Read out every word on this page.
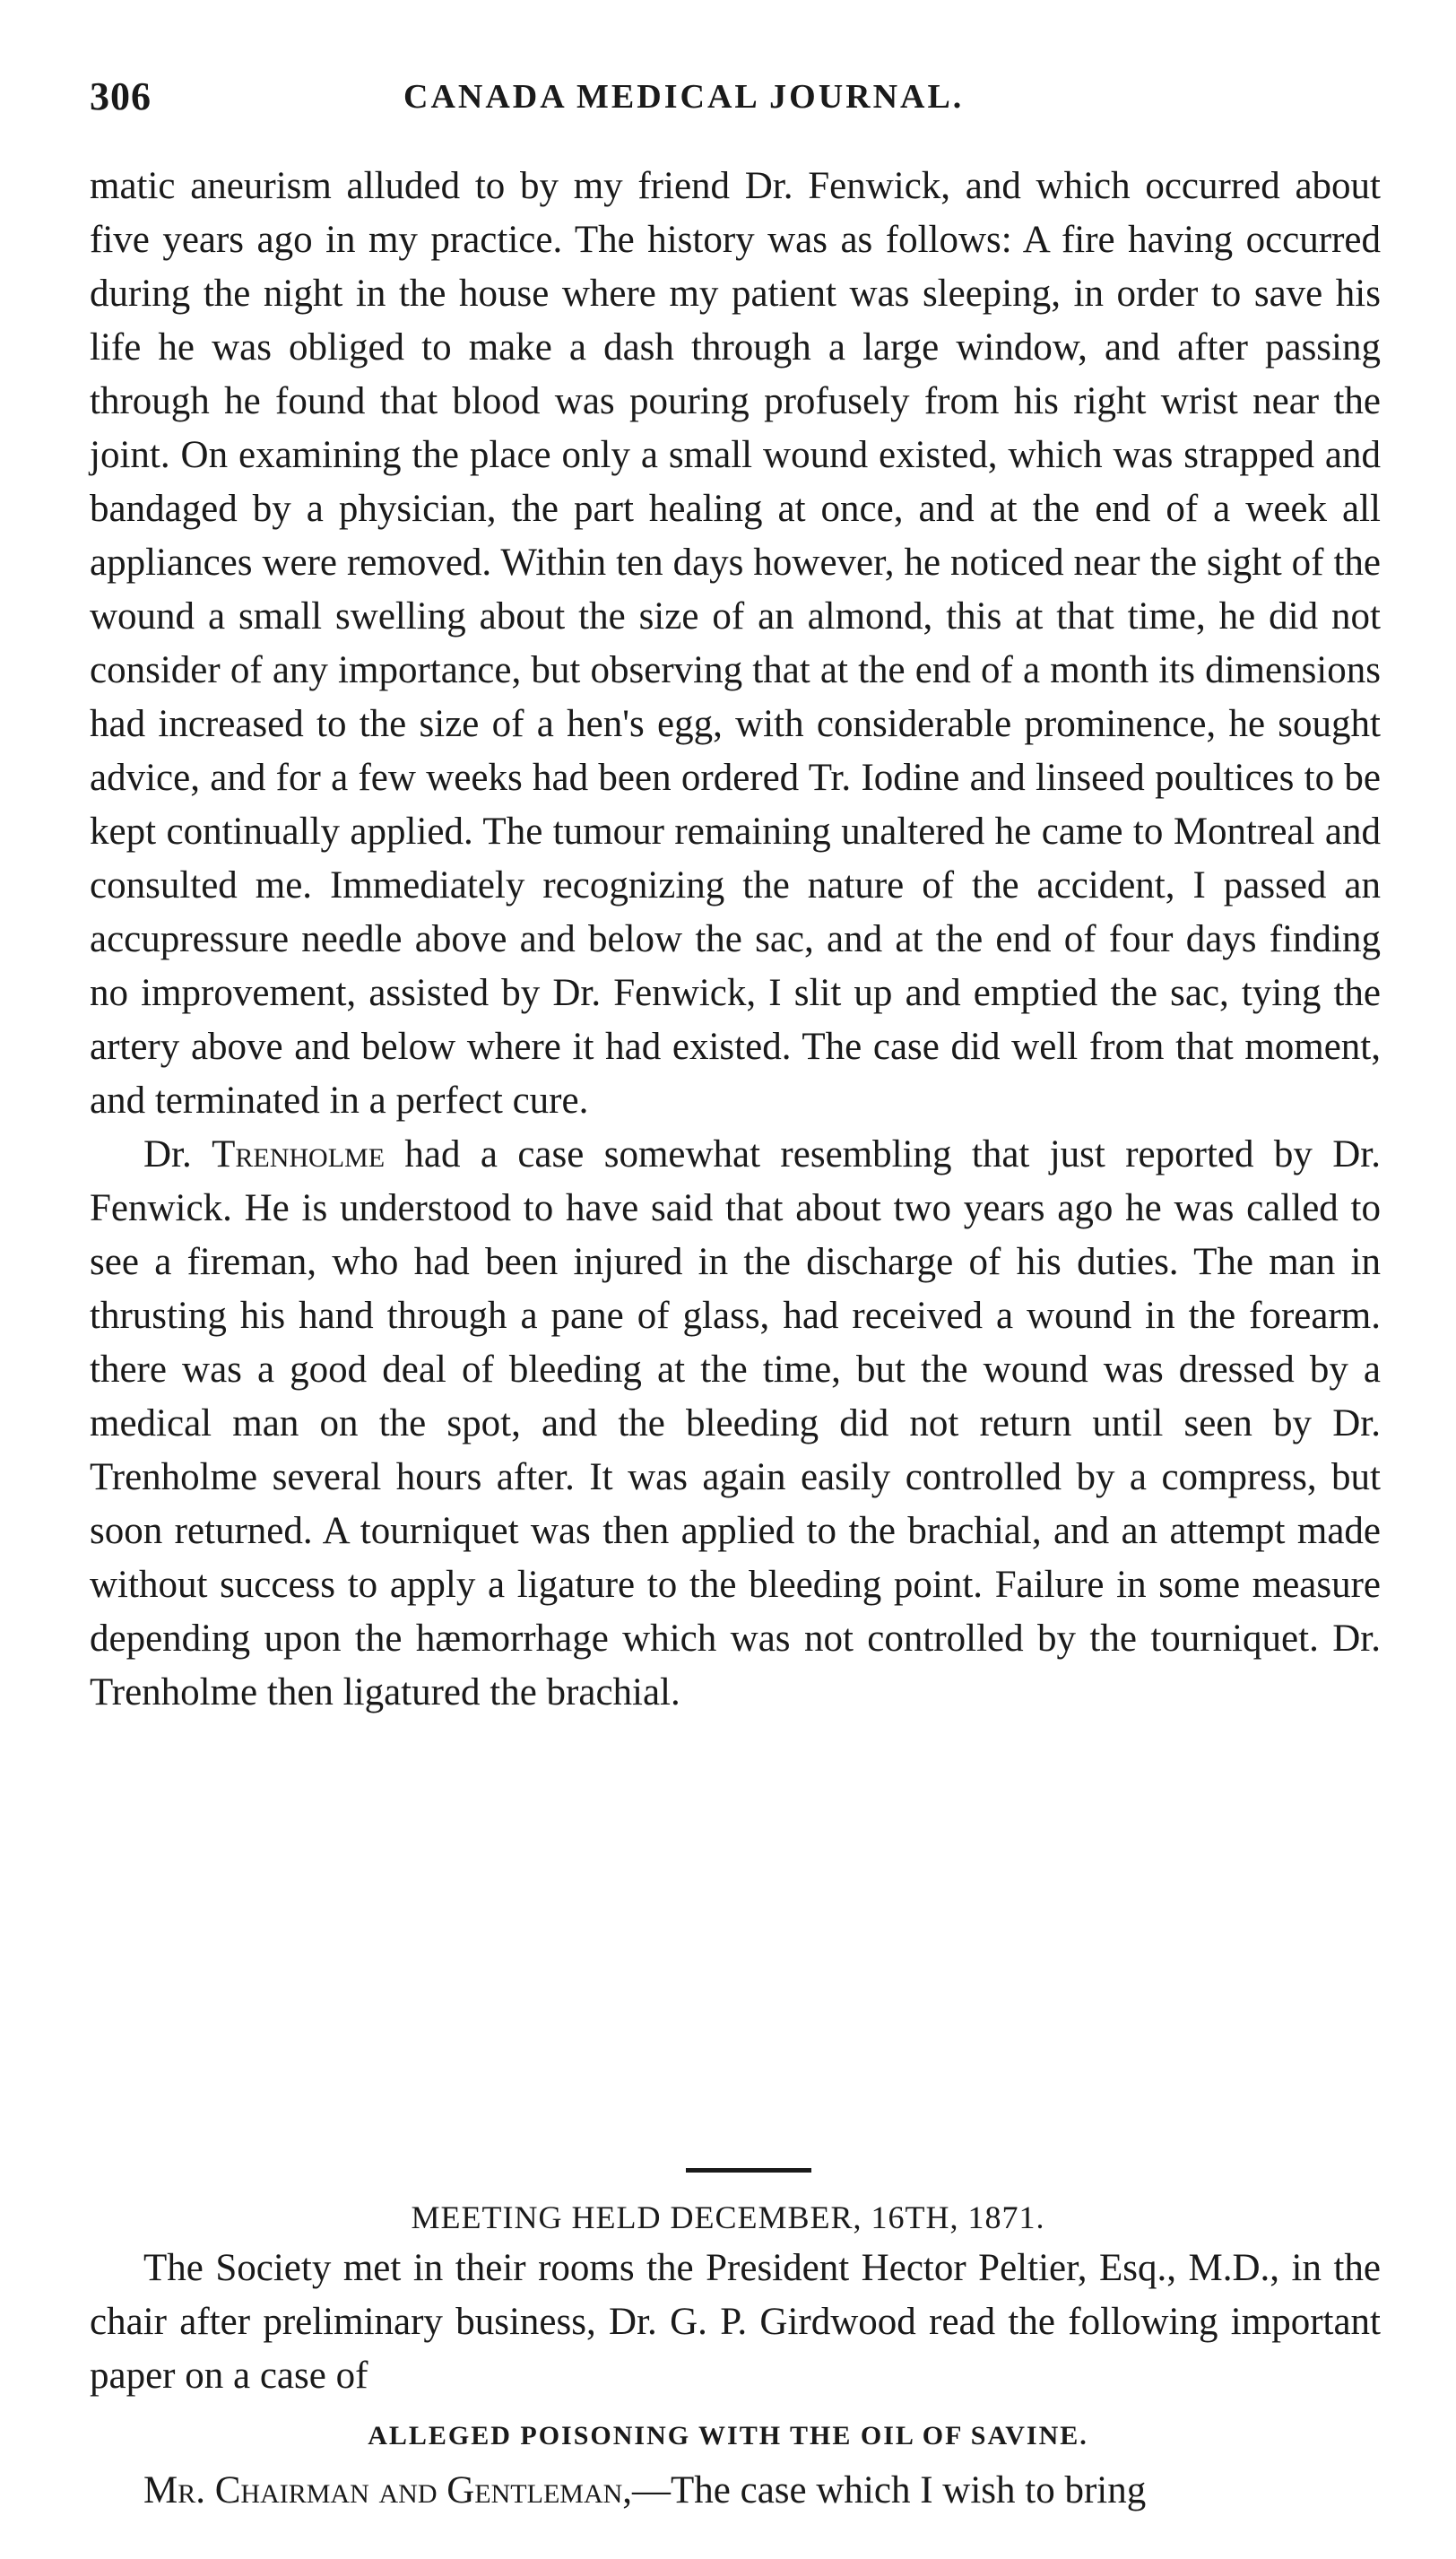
306	CANADA MEDICAL JOURNAL.

matic aneurism alluded to by my friend Dr. Fenwick, and which occurred about five years ago in my practice. The history was as follows: A fire having occurred during the night in the house where my patient was sleeping, in order to save his life he was obliged to make a dash through a large window, and after passing through he found that blood was pouring profusely from his right wrist near the joint. On examining the place only a small wound existed, which was strapped and bandaged by a physician, the part healing at once, and at the end of a week all appliances were removed. Within ten days however, he noticed near the sight of the wound a small swelling about the size of an almond, this at that time, he did not consider of any importance, but observing that at the end of a month its dimensions had increased to the size of a hen's egg, with considerable prominence, he sought advice, and for a few weeks had been ordered Tr. Iodine and linseed poultices to be kept continually applied. The tumour remaining unaltered he came to Montreal and consulted me. Immediately recognizing the nature of the accident, I passed an accupressure needle above and below the sac, and at the end of four days finding no improvement, assisted by Dr. Fenwick, I slit up and emptied the sac, tying the artery above and below where it had existed. The case did well from that moment, and terminated in a perfect cure.

Dr. Trenholme had a case somewhat resembling that just reported by Dr. Fenwick. He is understood to have said that about two years ago he was called to see a fireman, who had been injured in the discharge of his duties. The man in thrusting his hand through a pane of glass, had received a wound in the forearm. there was a good deal of bleeding at the time, but the wound was dressed by a medical man on the spot, and the bleeding did not return until seen by Dr. Trenholme several hours after. It was again easily controlled by a compress, but soon returned. A tourniquet was then applied to the brachial, and an attempt made without success to apply a ligature to the bleeding point. Failure in some measure depending upon the hæmorrhage which was not controlled by the tourniquet. Dr. Trenholme then ligatured the brachial.

MEETING HELD DECEMBER, 16TH, 1871.

The Society met in their rooms the President Hector Peltier, Esq., M.D., in the chair after preliminary business, Dr. G. P. Girdwood read the following important paper on a case of

ALLEGED POISONING WITH THE OIL OF SAVINE.
Mr. Chairman and Gentleman,—The case which I wish to bring
